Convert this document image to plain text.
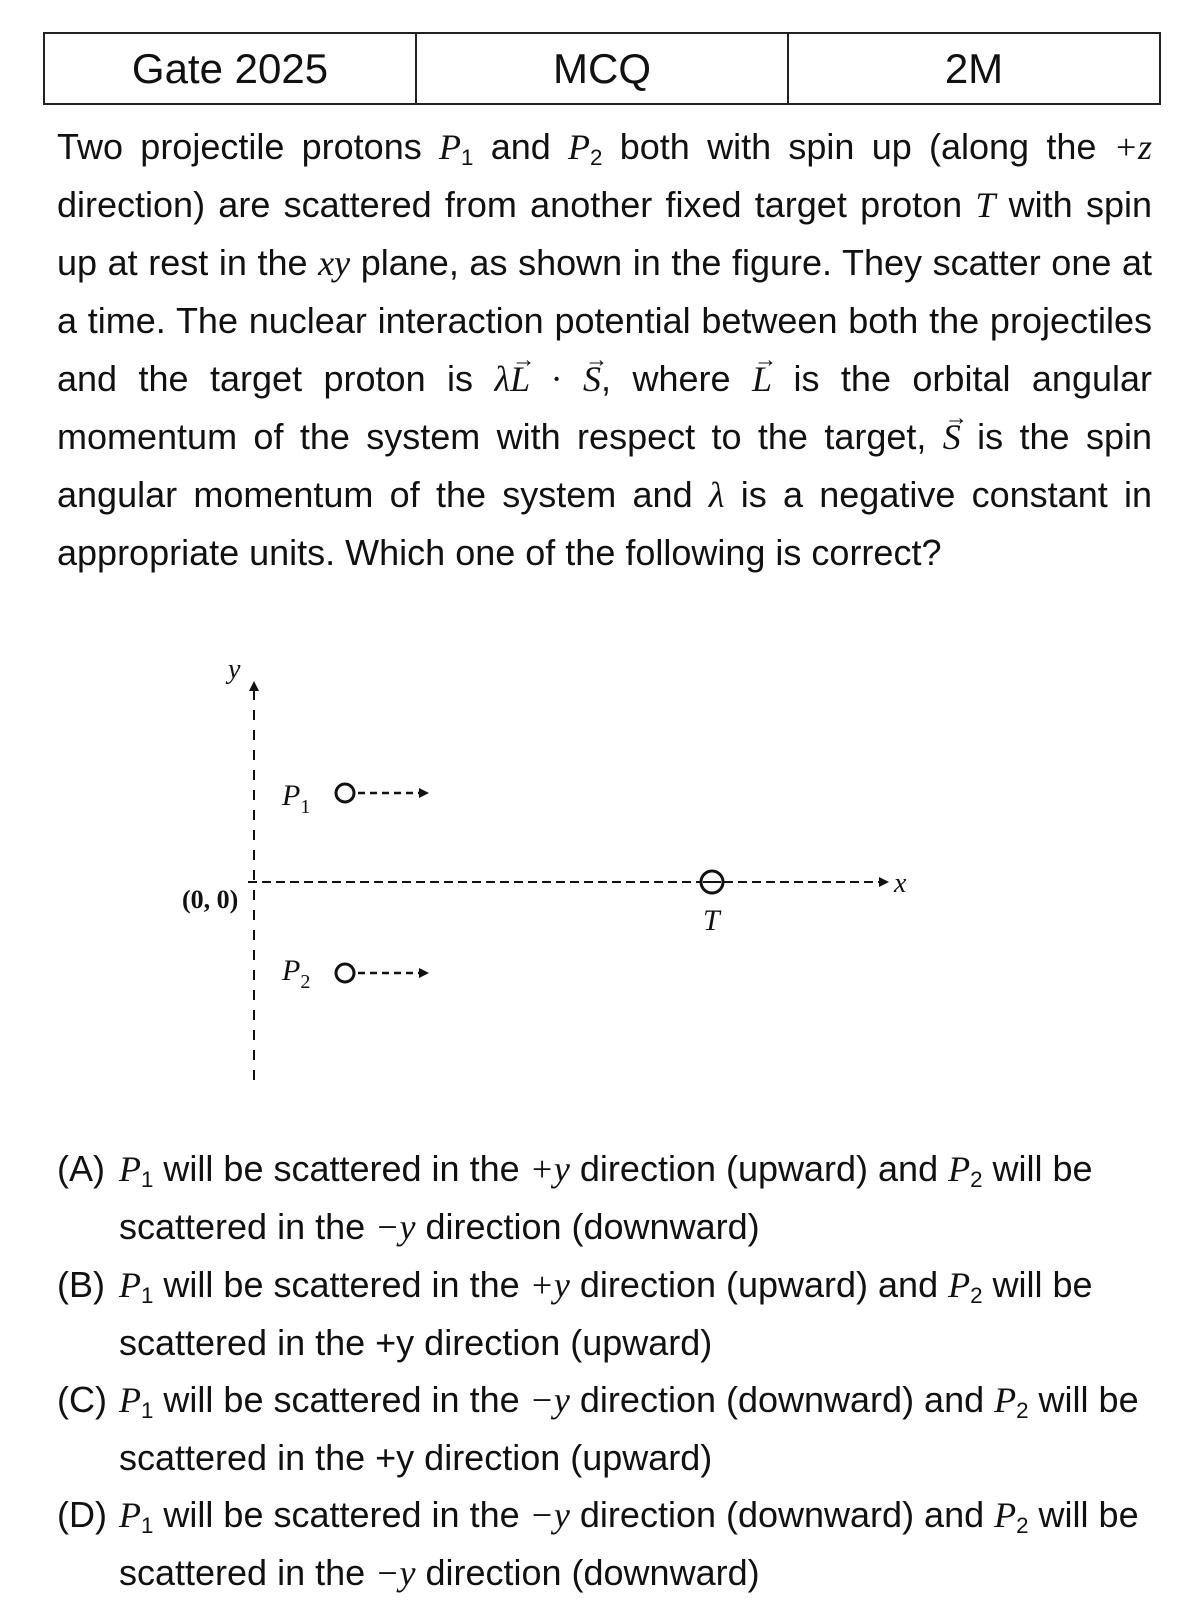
Gate 2025	MCQ	2M

Two projectile protons $P_1$ and $P_2$ both with spin up (along the +z direction) are scattered from another fixed target proton T with spin up at rest in the xy plane, as shown in the figure. They scatter one at a time. The nuclear interaction potential between both the projectiles and the target proton is λ→ L · → S, where → L is the orbital angular momentum of the system with respect to the target, → S is the spin angular momentum of the system and λ is a negative constant in appropriate units. Which one of the following is correct?

y
x
(0, 0)
$P_1$
$P_2$
T
(A) $P_1$ will be scattered in the +y direction (upward) and $P_2$ will be scattered in the −y direction (downward)
(B) $P_1$ will be scattered in the +y direction (upward) and $P_2$ will be scattered in the +y direction (upward)
(C) $P_1$ will be scattered in the −y direction (downward) and $P_2$ will be scattered in the +y direction (upward)
(D) $P_1$ will be scattered in the −y direction (downward) and $P_2$ will be scattered in the −y direction (downward)
